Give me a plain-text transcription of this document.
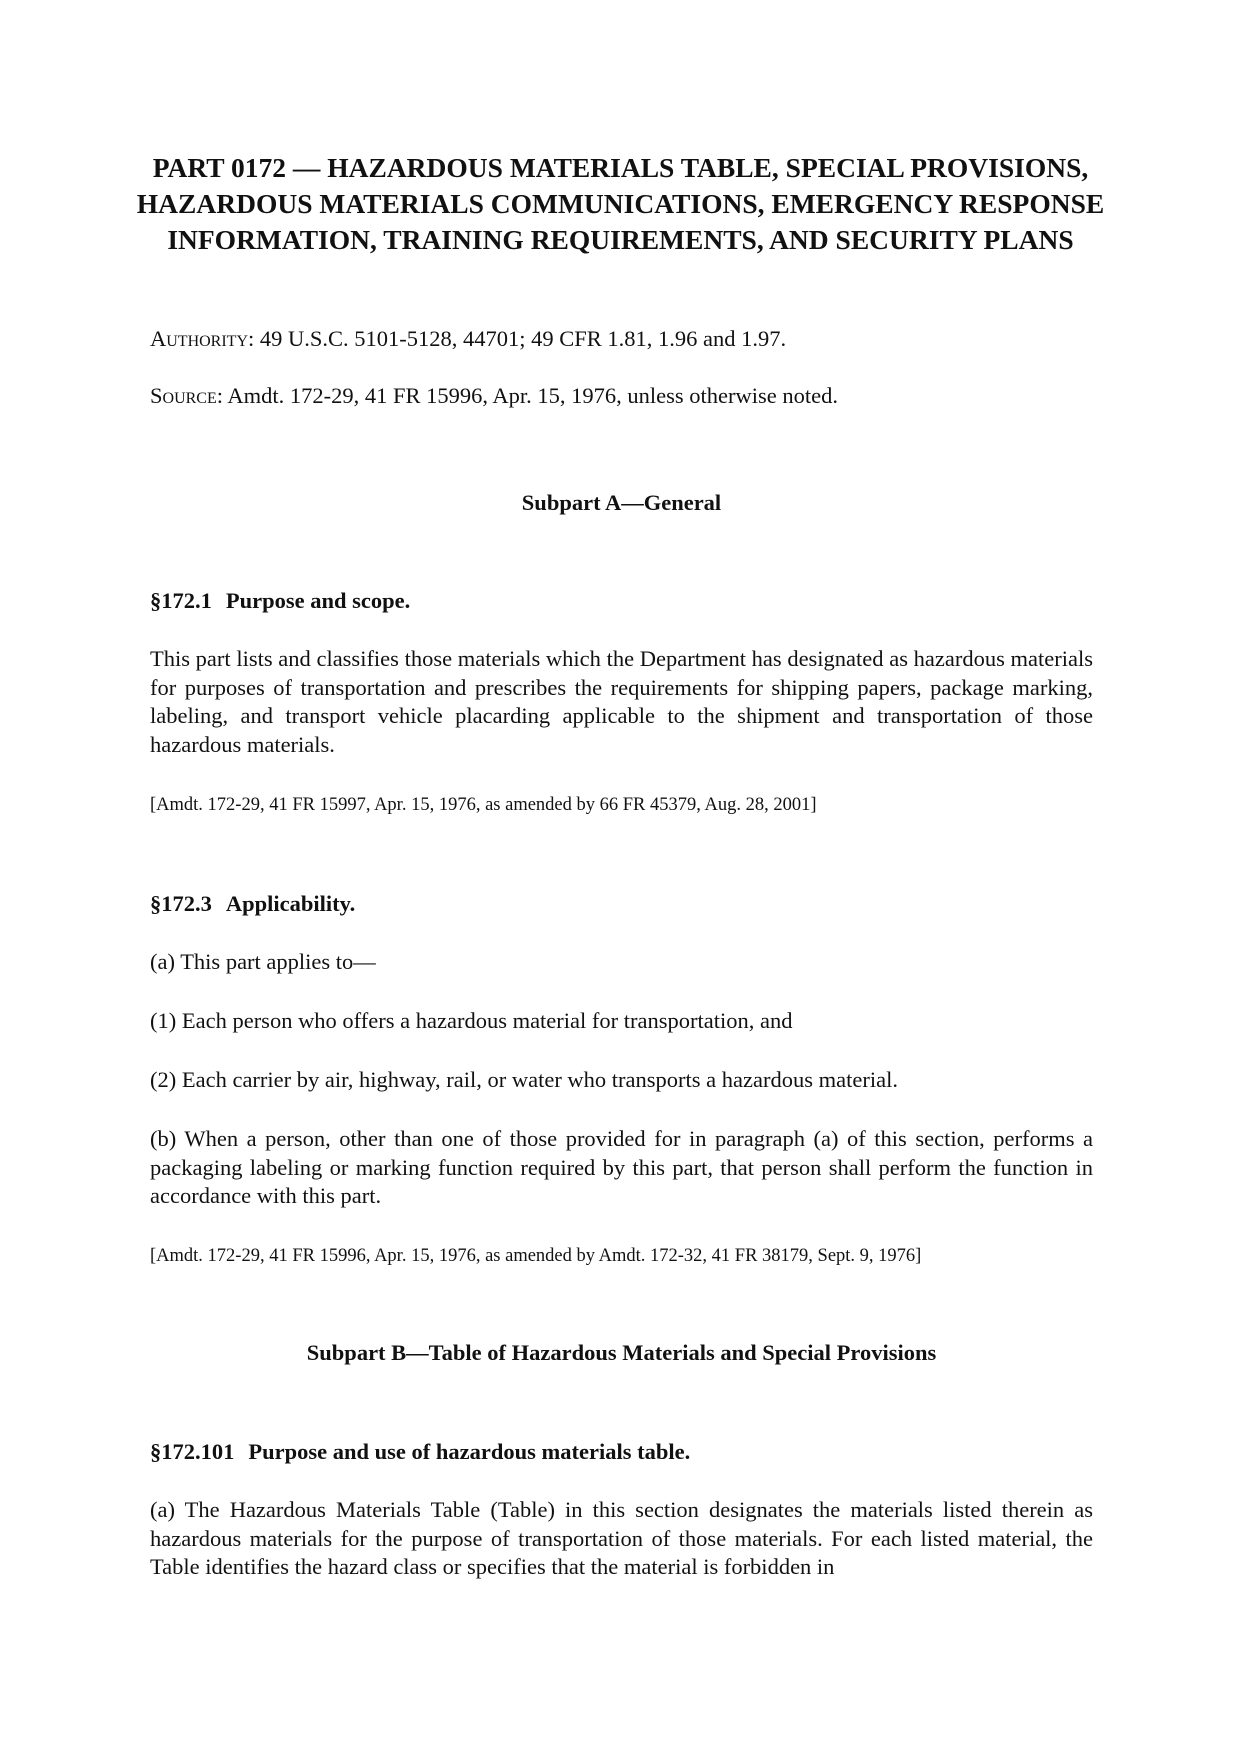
PART 0172 — HAZARDOUS MATERIALS TABLE, SPECIAL PROVISIONS, HAZARDOUS MATERIALS COMMUNICATIONS, EMERGENCY RESPONSE INFORMATION, TRAINING REQUIREMENTS, AND SECURITY PLANS

Authority: 49 U.S.C. 5101-5128, 44701; 49 CFR 1.81, 1.96 and 1.97.

Source: Amdt. 172-29, 41 FR 15996, Apr. 15, 1976, unless otherwise noted.

Subpart A—General
§172.1 Purpose and scope.

This part lists and classifies those materials which the Department has designated as hazardous materials for purposes of transportation and prescribes the requirements for shipping papers, package marking, labeling, and transport vehicle placarding applicable to the shipment and transportation of those hazardous materials.

[Amdt. 172-29, 41 FR 15997, Apr. 15, 1976, as amended by 66 FR 45379, Aug. 28, 2001]

§172.3 Applicability.

(a) This part applies to—

(1) Each person who offers a hazardous material for transportation, and

(2) Each carrier by air, highway, rail, or water who transports a hazardous material.

(b) When a person, other than one of those provided for in paragraph (a) of this section, performs a packaging labeling or marking function required by this part, that person shall perform the function in accordance with this part.

[Amdt. 172-29, 41 FR 15996, Apr. 15, 1976, as amended by Amdt. 172-32, 41 FR 38179, Sept. 9, 1976]

Subpart B—Table of Hazardous Materials and Special Provisions
§172.101 Purpose and use of hazardous materials table.

(a) The Hazardous Materials Table (Table) in this section designates the materials listed therein as hazardous materials for the purpose of transportation of those materials. For each listed material, the Table identifies the hazard class or specifies that the material is forbidden in
